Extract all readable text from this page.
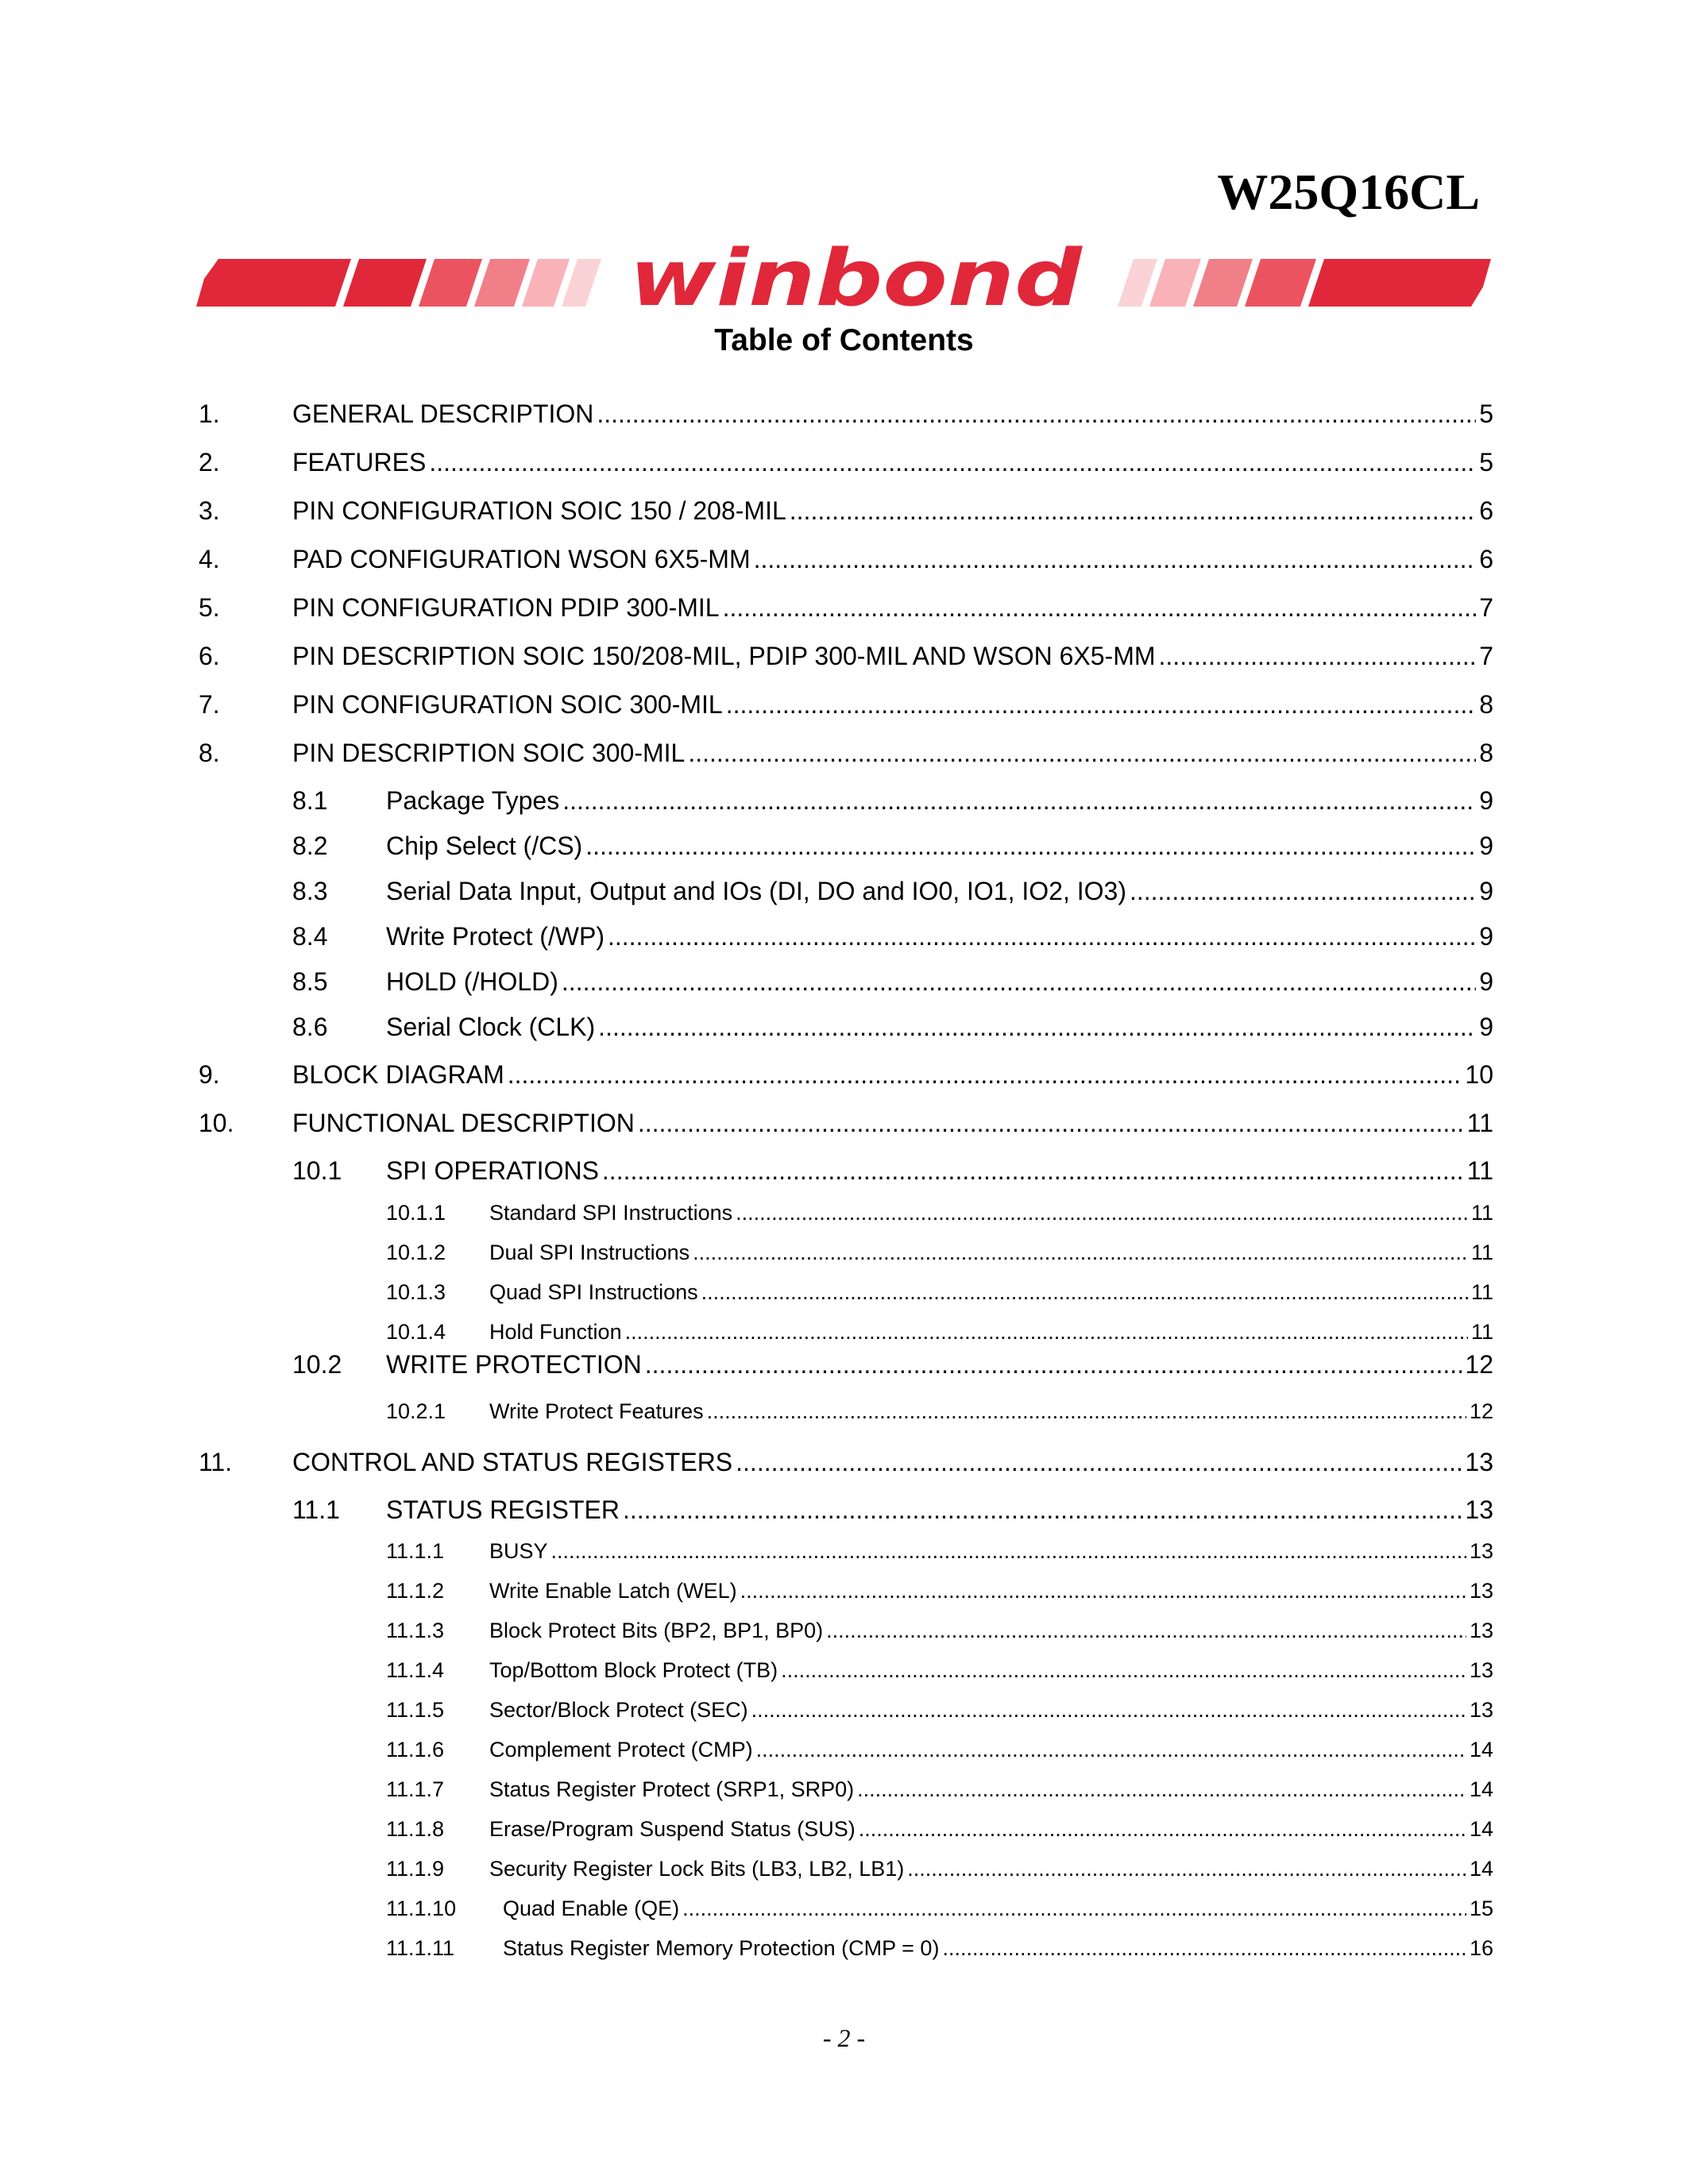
W25Q16CL
winbond
Table of Contents
1.	GENERAL DESCRIPTION .....	5
2.	FEATURES .....	5
3.	PIN CONFIGURATION SOIC 150 / 208-MIL .....	6
4.	PAD CONFIGURATION WSON 6X5-MM .....	6
5.	PIN CONFIGURATION PDIP 300-MIL .....	7
6.	PIN DESCRIPTION SOIC 150/208-MIL, PDIP 300-MIL AND WSON 6X5-MM .....	7
7.	PIN CONFIGURATION SOIC 300-MIL .....	8
8.	PIN DESCRIPTION SOIC 300-MIL .....	8
8.1	Package Types .....	9
8.2	Chip Select (/CS) .....	9
8.3	Serial Data Input, Output and IOs (DI, DO and IO0, IO1, IO2, IO3) .....	9
8.4	Write Protect (/WP) .....	9
8.5	HOLD (/HOLD) .....	9
8.6	Serial Clock (CLK) .....	9
9.	BLOCK DIAGRAM .....	10
10.	FUNCTIONAL DESCRIPTION .....	11
10.1	SPI OPERATIONS .....	11
10.1.1	Standard SPI Instructions .....	11
10.1.2	Dual SPI Instructions .....	11
10.1.3	Quad SPI Instructions .....	11
10.1.4	Hold Function .....	11
10.2	WRITE PROTECTION .....	12
10.2.1	Write Protect Features .....	12
11.	CONTROL AND STATUS REGISTERS .....	13
11.1	STATUS REGISTER .....	13
11.1.1	BUSY .....	13
11.1.2	Write Enable Latch (WEL) .....	13
11.1.3	Block Protect Bits (BP2, BP1, BP0) .....	13
11.1.4	Top/Bottom Block Protect (TB) .....	13
11.1.5	Sector/Block Protect (SEC) .....	13
11.1.6	Complement Protect (CMP) .....	14
11.1.7	Status Register Protect (SRP1, SRP0) .....	14
11.1.8	Erase/Program Suspend Status (SUS) .....	14
11.1.9	Security Register Lock Bits (LB3, LB2, LB1) .....	14
11.1.10	Quad Enable (QE) .....	15
11.1.11	Status Register Memory Protection (CMP = 0) .....	16
- 2 -
